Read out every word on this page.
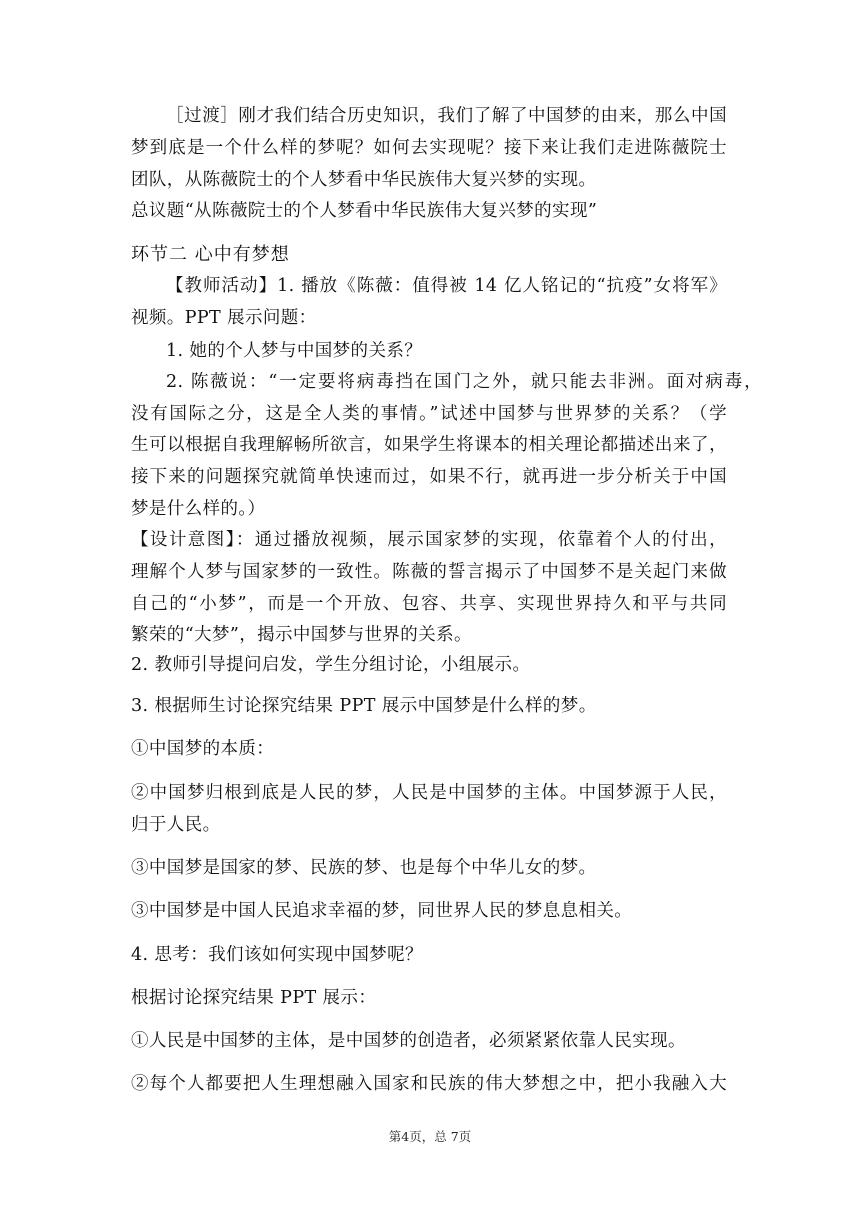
［过渡］刚才我们结合历史知识，我们了解了中国梦的由来，那么中国
梦到底是一个什么样的梦呢？如何去实现呢？接下来让我们走进陈薇院士
团队，从陈薇院士的个人梦看中华民族伟大复兴梦的实现。
总议题“从陈薇院士的个人梦看中华民族伟大复兴梦的实现”
环节二 心中有梦想
【教师活动】1. 播放《陈薇：值得被 14 亿人铭记的“抗疫”女将军》
视频。PPT 展示问题：
1. 她的个人梦与中国梦的关系？
2. 陈薇说：“一定要将病毒挡在国门之外，就只能去非洲。面对病毒，
没有国际之分，这是全人类的事情。”试述中国梦与世界梦的关系？（学
生可以根据自我理解畅所欲言，如果学生将课本的相关理论都描述出来了，
接下来的问题探究就简单快速而过，如果不行，就再进一步分析关于中国
梦是什么样的。）
【设计意图】：通过播放视频，展示国家梦的实现，依靠着个人的付出，
理解个人梦与国家梦的一致性。陈薇的誓言揭示了中国梦不是关起门来做
自己的“小梦”，而是一个开放、包容、共享、实现世界持久和平与共同
繁荣的“大梦”，揭示中国梦与世界的关系。
2. 教师引导提问启发，学生分组讨论，小组展示。
3. 根据师生讨论探究结果 PPT 展示中国梦是什么样的梦。
①中国梦的本质：
②中国梦归根到底是人民的梦，人民是中国梦的主体。中国梦源于人民，
归于人民。
③中国梦是国家的梦、民族的梦、也是每个中华儿女的梦。
③中国梦是中国人民追求幸福的梦，同世界人民的梦息息相关。
4. 思考：我们该如何实现中国梦呢？
根据讨论探究结果 PPT 展示：
①人民是中国梦的主体，是中国梦的创造者，必须紧紧依靠人民实现。
②每个人都要把人生理想融入国家和民族的伟大梦想之中，把小我融入大
第4页，总 7页
